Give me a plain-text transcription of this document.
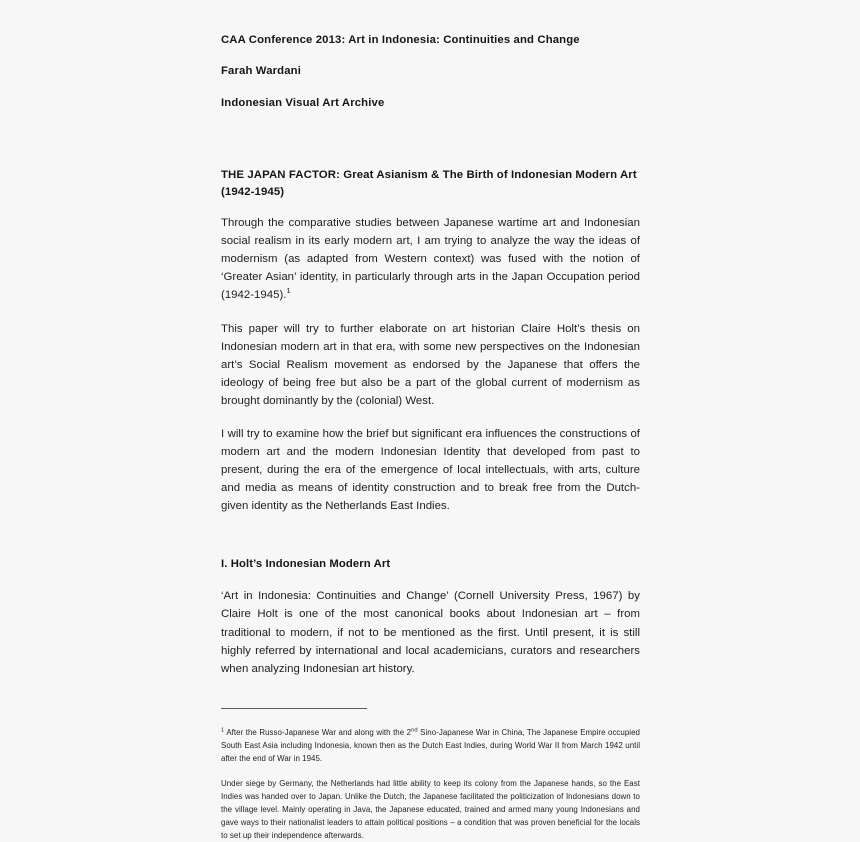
CAA Conference 2013: Art in Indonesia: Continuities and Change
Farah Wardani
Indonesian Visual Art Archive
THE JAPAN FACTOR: Great Asianism & The Birth of Indonesian Modern Art (1942-1945)

Through the comparative studies between Japanese wartime art and Indonesian social realism in its early modern art, I am trying to analyze the way the ideas of modernism (as adapted from Western context) was fused with the notion of ‘Greater Asian’ identity, in particularly through arts in the Japan Occupation period (1942-1945).$^1$

This paper will try to further elaborate on art historian Claire Holt’s thesis on Indonesian modern art in that era, with some new perspectives on the Indonesian art’s Social Realism movement as endorsed by the Japanese that offers the ideology of being free but also be a part of the global current of modernism as brought dominantly by the (colonial) West.

I will try to examine how the brief but significant era influences the constructions of modern art and the modern Indonesian Identity that developed from past to present, during the era of the emergence of local intellectuals, with arts, culture and media as means of identity construction and to break free from the Dutch-given identity as the Netherlands East Indies.

I. Holt’s Indonesian Modern Art

‘Art in Indonesia: Continuities and Change’ (Cornell University Press, 1967) by Claire Holt is one of the most canonical books about Indonesian art – from traditional to modern, if not to be mentioned as the first. Until present, it is still highly referred by international and local academicians, curators and researchers when analyzing Indonesian art history.

$^1$ After the Russo-Japanese War and along with the 2nd Sino-Japanese War in China, The Japanese Empire occupied South East Asia including Indonesia, known then as the Dutch East Indies, during World War II from March 1942 until after the end of War in 1945.

Under siege by Germany, the Netherlands had little ability to keep its colony from the Japanese hands, so the East Indies was handed over to Japan. Unlike the Dutch, the Japanese facilitated the politicization of Indonesians down to the village level. Mainly operating in Java, the Japanese educated, trained and armed many young Indonesians and gave ways to their nationalist leaders to attain political positions – a condition that was proven beneficial for the locals to set up their independence afterwards.
